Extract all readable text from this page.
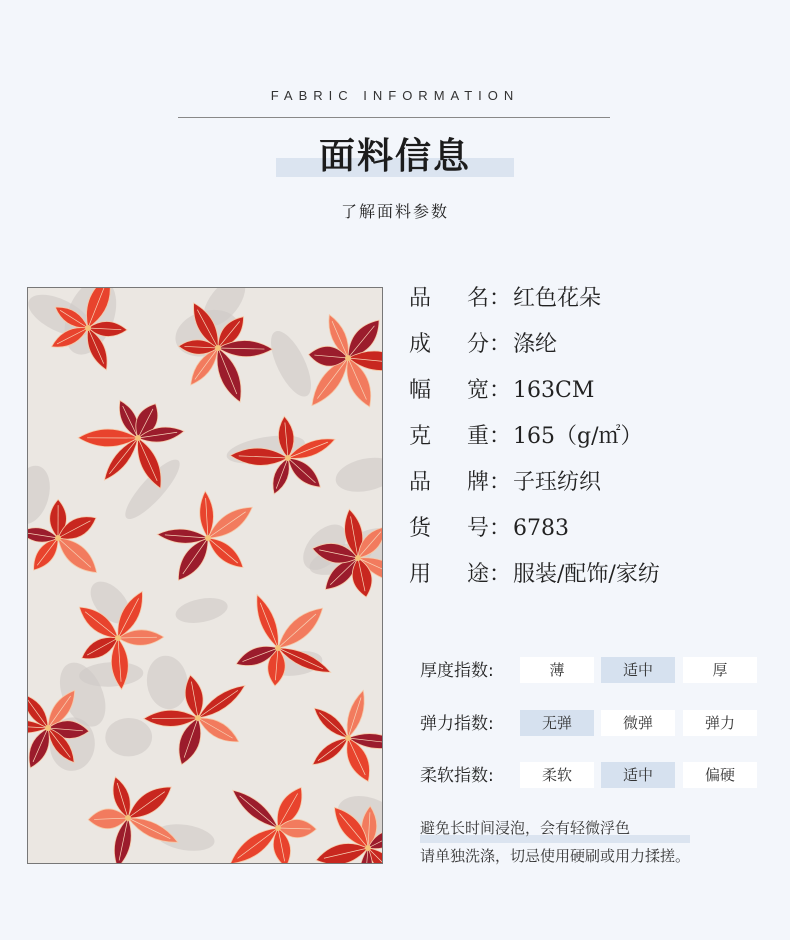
FABRIC INFORMATION
面料信息
了解面料参数
品 名：红色花朵
成 分：涤纶
幅 宽：163CM
克 重：165（g/㎡）
品 牌：子珏纺织
货 号：6783
用 途：服装/配饰/家纺
厚度指数:	薄	适中	厚
弹力指数:	无弹	微弹	弹力
柔软指数:	柔软	适中	偏硬
避免长时间浸泡，会有轻微浮色
请单独洗涤，切忌使用硬刷或用力揉搓。
